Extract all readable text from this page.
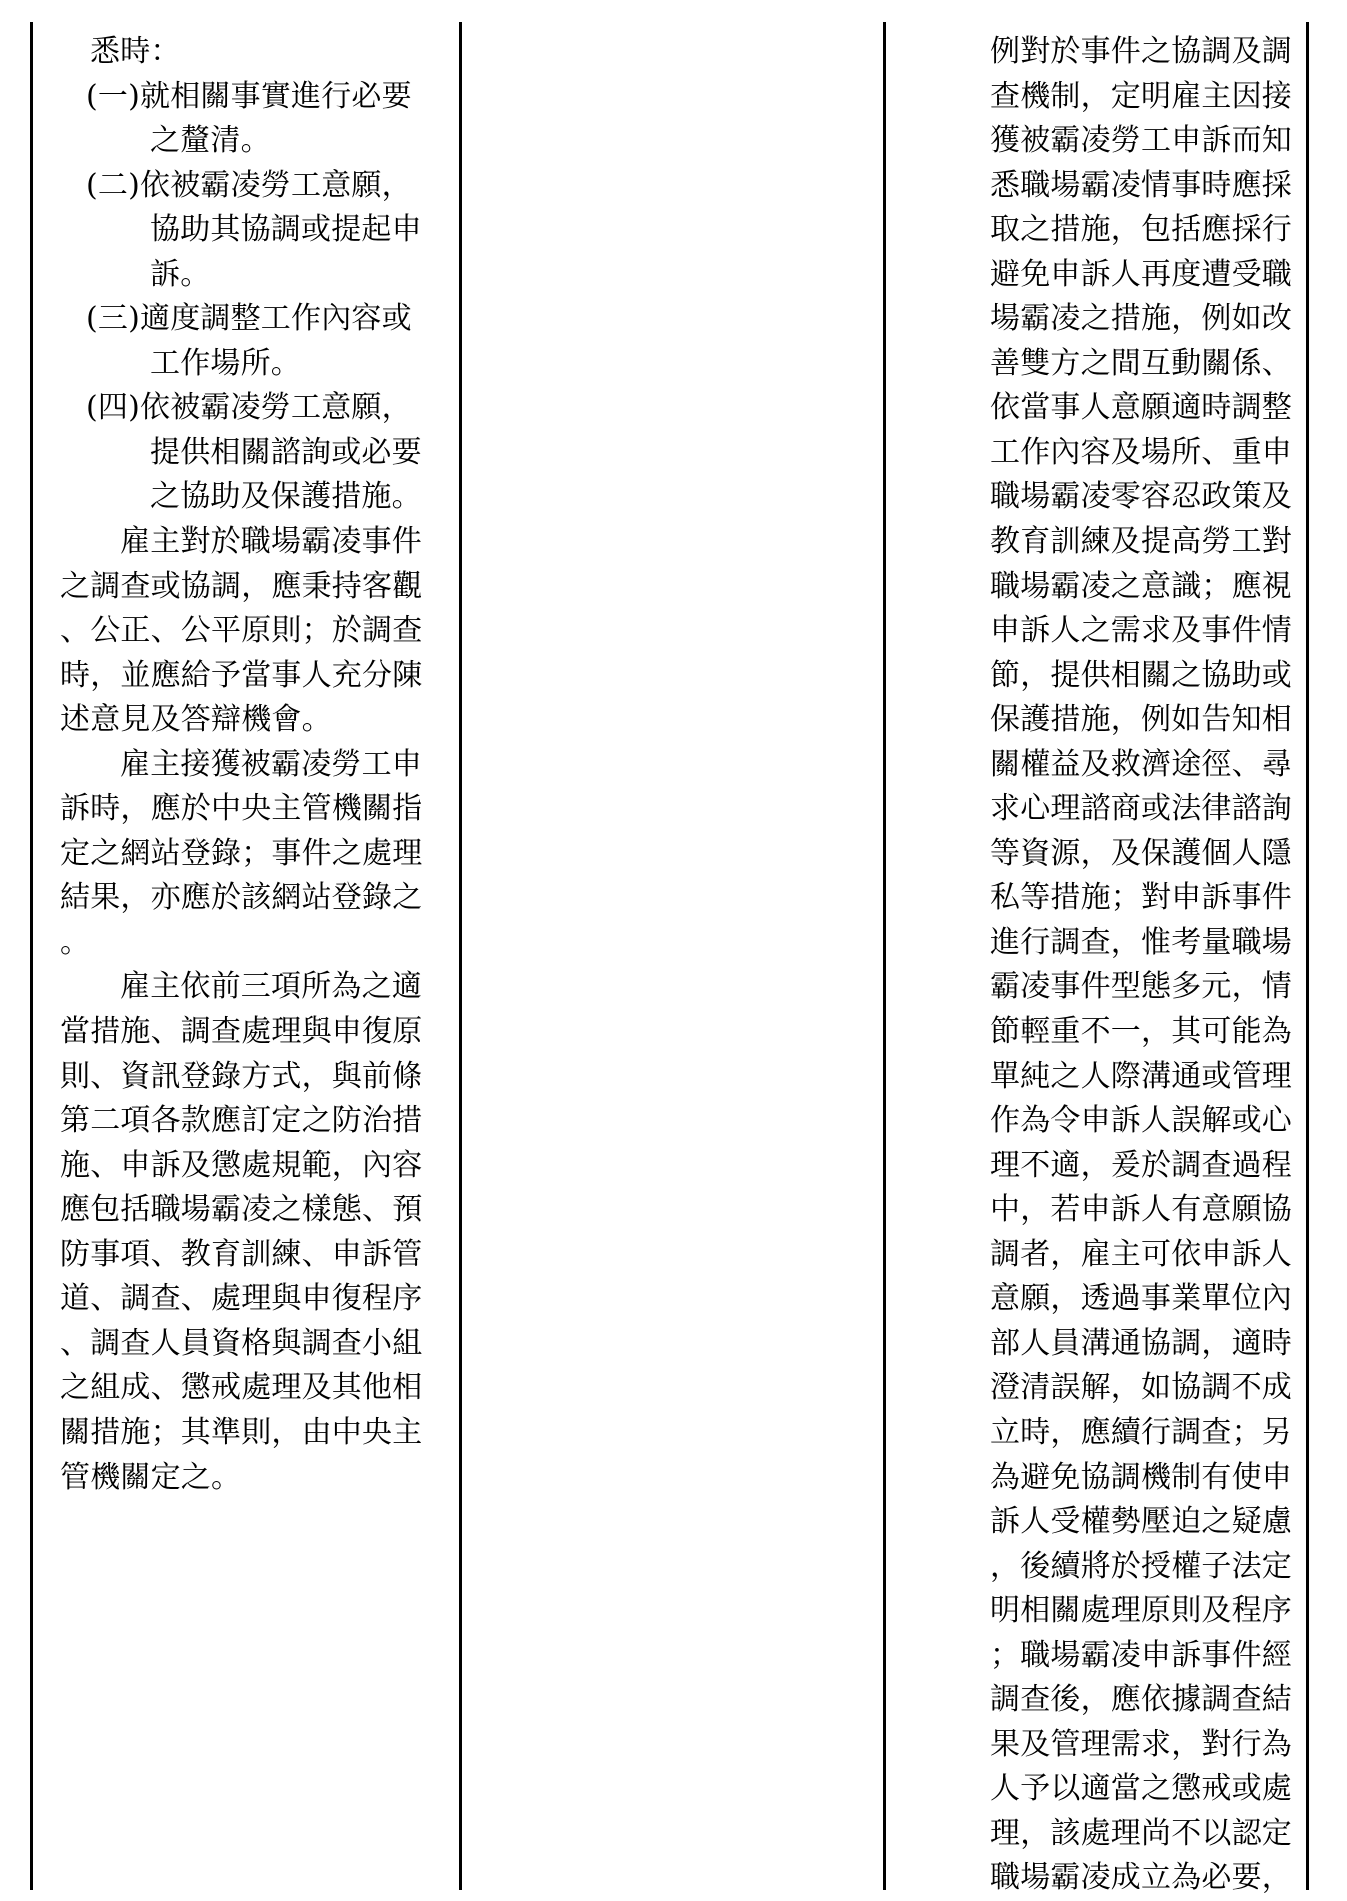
悉時：
(一)就相關事實進行必要
之釐清。
(二)依被霸凌勞工意願，
協助其協調或提起申
訴。
(三)適度調整工作內容或
工作場所。
(四)依被霸凌勞工意願，
提供相關諮詢或必要
之協助及保護措施。
雇主對於職場霸凌事件
之調查或協調，應秉持客觀
、公正、公平原則；於調查
時，並應給予當事人充分陳
述意見及答辯機會。
雇主接獲被霸凌勞工申
訴時，應於中央主管機關指
定之網站登錄；事件之處理
結果，亦應於該網站登錄之
。
雇主依前三項所為之適
當措施、調查處理與申復原
則、資訊登錄方式，與前條
第二項各款應訂定之防治措
施、申訴及懲處規範，內容
應包括職場霸凌之樣態、預
防事項、教育訓練、申訴管
道、調查、處理與申復程序
、調查人員資格與調查小組
之組成、懲戒處理及其他相
關措施；其準則，由中央主
管機關定之。
例對於事件之協調及調
查機制，定明雇主因接
獲被霸凌勞工申訴而知
悉職場霸凌情事時應採
取之措施，包括應採行
避免申訴人再度遭受職
場霸凌之措施，例如改
善雙方之間互動關係、
依當事人意願適時調整
工作內容及場所、重申
職場霸凌零容忍政策及
教育訓練及提高勞工對
職場霸凌之意識；應視
申訴人之需求及事件情
節，提供相關之協助或
保護措施，例如告知相
關權益及救濟途徑、尋
求心理諮商或法律諮詢
等資源，及保護個人隱
私等措施；對申訴事件
進行調查，惟考量職場
霸凌事件型態多元，情
節輕重不一，其可能為
單純之人際溝通或管理
作為令申訴人誤解或心
理不適，爰於調查過程
中，若申訴人有意願協
調者，雇主可依申訴人
意願，透過事業單位內
部人員溝通協調，適時
澄清誤解，如協調不成
立時，應續行調查；另
為避免協調機制有使申
訴人受權勢壓迫之疑慮
，後續將於授權子法定
明相關處理原則及程序
；職場霸凌申訴事件經
調查後，應依據調查結
果及管理需求，對行為
人予以適當之懲戒或處
理，該處理尚不以認定
職場霸凌成立為必要，
